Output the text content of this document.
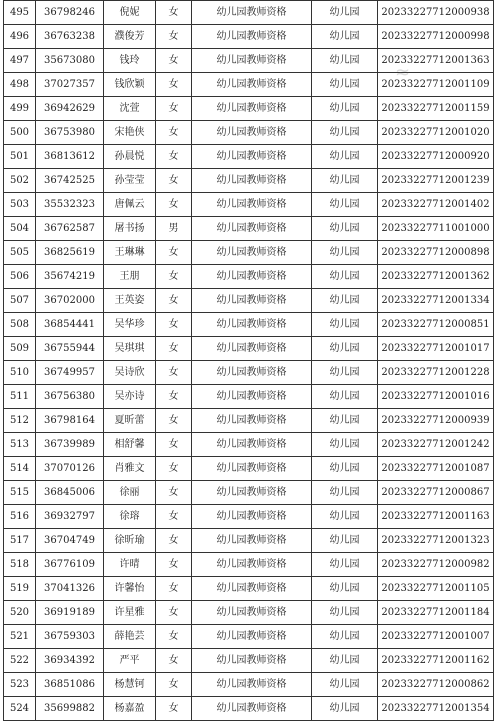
495	36798246	倪妮	女	幼儿园教师资格	幼儿园	20233227712000938
496	36763238	濮俊芳	女	幼儿园教师资格	幼儿园	20233227712000998
497	35673080	钱玲	女	幼儿园教师资格	幼儿园	20233227712001363
498	37027357	钱欣颖	女	幼儿园教师资格	幼儿园	20233227712001109
499	36942629	沈萱	女	幼儿园教师资格	幼儿园	20233227712001159
500	36753980	宋艳侠	女	幼儿园教师资格	幼儿园	20233227712001020
501	36813612	孙晨悦	女	幼儿园教师资格	幼儿园	20233227712000920
502	36742525	孙莹莹	女	幼儿园教师资格	幼儿园	20233227712001239
503	35532323	唐佩云	女	幼儿园教师资格	幼儿园	20233227712001402
504	36762587	屠书扬	男	幼儿园教师资格	幼儿园	20233227711001000
505	36825619	王琳琳	女	幼儿园教师资格	幼儿园	20233227712000898
506	35674219	王朋	女	幼儿园教师资格	幼儿园	20233227712001362
507	36702000	王英姿	女	幼儿园教师资格	幼儿园	20233227712001334
508	36854441	吴华珍	女	幼儿园教师资格	幼儿园	20233227712000851
509	36755944	吴琪琪	女	幼儿园教师资格	幼儿园	20233227712001017
510	36749957	吴诗欣	女	幼儿园教师资格	幼儿园	20233227712001228
511	36756380	吴亦诗	女	幼儿园教师资格	幼儿园	20233227712001016
512	36798164	夏昕蕾	女	幼儿园教师资格	幼儿园	20233227712000939
513	36739989	相舒馨	女	幼儿园教师资格	幼儿园	20233227712001242
514	37070126	肖雅文	女	幼儿园教师资格	幼儿园	20233227712001087
515	36845006	徐丽	女	幼儿园教师资格	幼儿园	20233227712000867
516	36932797	徐瑢	女	幼儿园教师资格	幼儿园	20233227712001163
517	36704749	徐昕瑜	女	幼儿园教师资格	幼儿园	20233227712001323
518	36776109	许晴	女	幼儿园教师资格	幼儿园	20233227712000982
519	37041326	许馨怡	女	幼儿园教师资格	幼儿园	20233227712001105
520	36919189	许星雅	女	幼儿园教师资格	幼儿园	20233227712001184
521	36759303	薛艳芸	女	幼儿园教师资格	幼儿园	20233227712001007
522	36934392	严平	女	幼儿园教师资格	幼儿园	20233227712001162
523	36851086	杨慧钶	女	幼儿园教师资格	幼儿园	20233227712000862
524	35699882	杨嘉盈	女	幼儿园教师资格	幼儿园	20233227712001354
≈
